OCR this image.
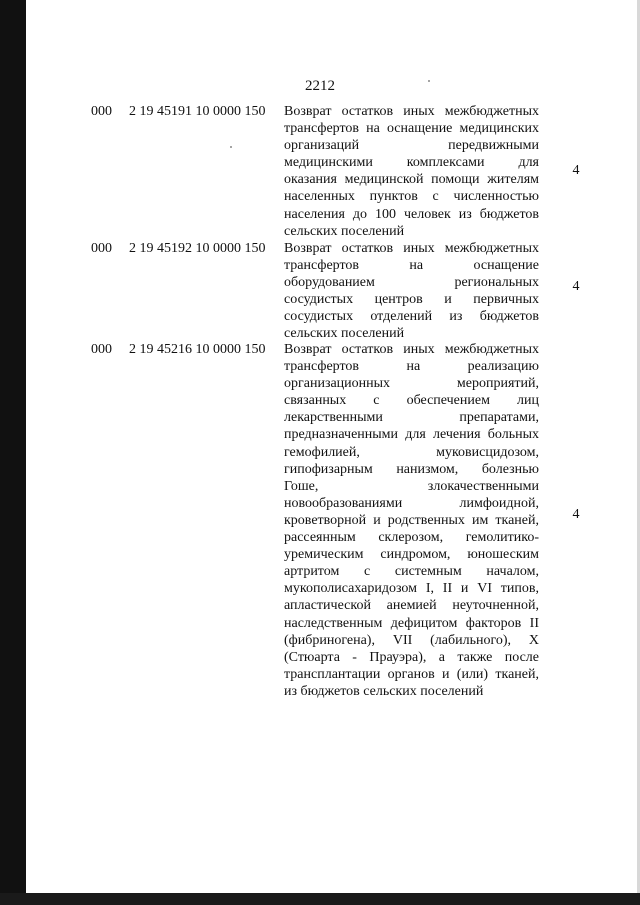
2212
000 2 19 45191 10 0000 150 Возврат остатков иных межбюджетных
трансфертов на оснащение медицинских
организаций передвижными
медицинскими комплексами для
оказания медицинской помощи жителям
населенных пунктов с численностью
населения до 100 человек из бюджетов
сельских поселений
4
000 2 19 45192 10 0000 150 Возврат остатков иных межбюджетных
трансфертов на оснащение
оборудованием региональных
сосудистых центров и первичных
сосудистых отделений из бюджетов
сельских поселений
4
000 2 19 45216 10 0000 150 Возврат остатков иных межбюджетных
трансфертов на реализацию
организационных мероприятий,
связанных с обеспечением лиц
лекарственными препаратами,
предназначенными для лечения больных
гемофилией, муковисцидозом,
гипофизарным нанизмом, болезнью
Гоше, злокачественными
новообразованиями лимфоидной,
кроветворной и родственных им тканей,
рассеянным склерозом, гемолитико-
уремическим синдромом, юношеским
артритом с системным началом,
мукополисахаридозом I, II и VI типов,
апластической анемией неуточненной,
наследственным дефицитом факторов II
(фибриногена), VII (лабильного), X
(Стюарта - Прауэра), а также после
трансплантации органов и (или) тканей,
из бюджетов сельских поселений
4
